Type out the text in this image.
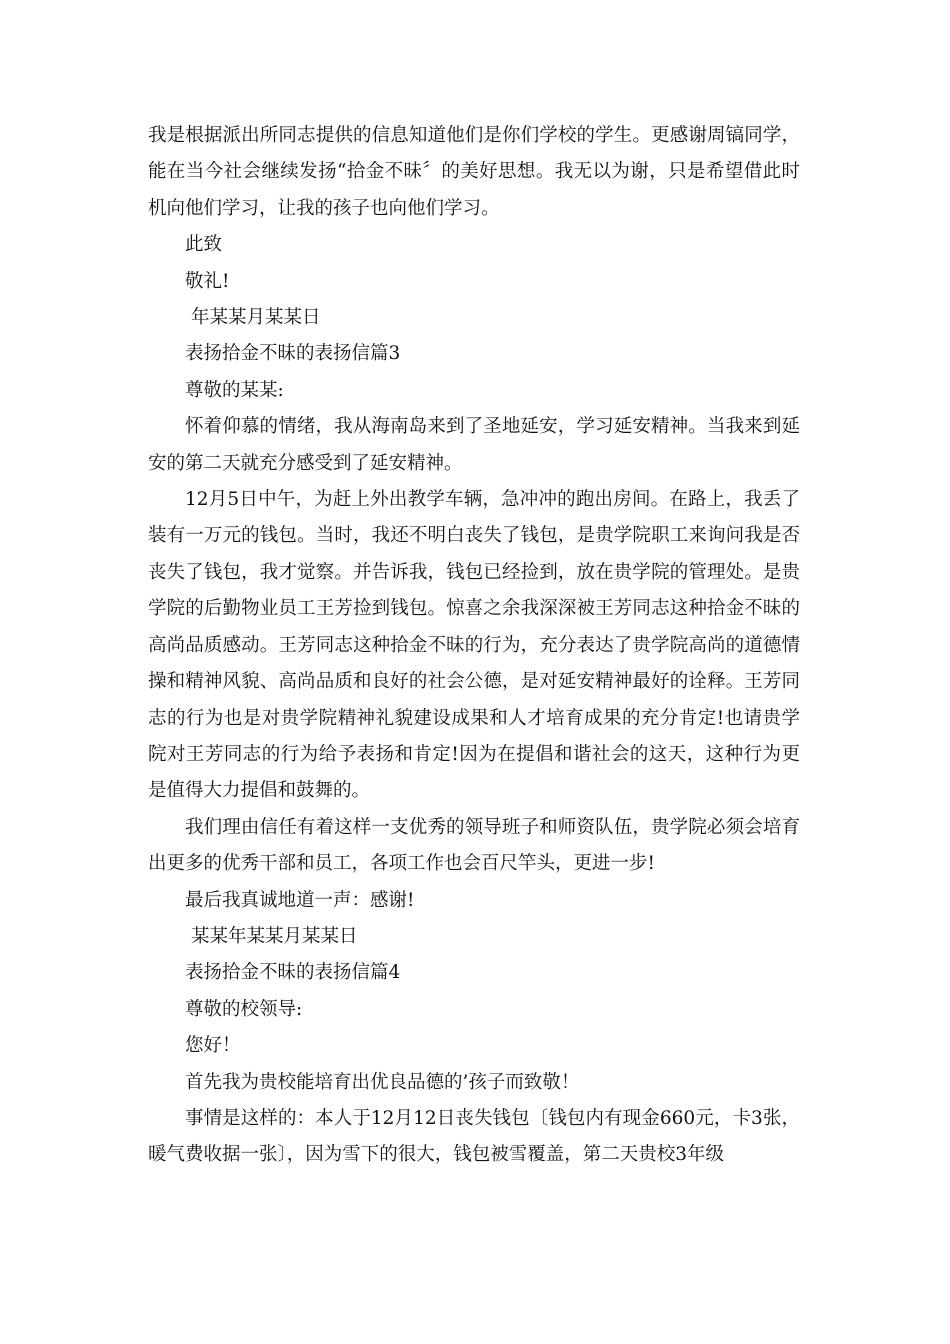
我是根据派出所同志提供的信息知道他们是你们学校的学生。更感谢周镐同学，能在当今社会继续发扬“拾金不昧〞的美好思想。我无以为谢，只是希望借此时机向他们学习，让我的孩子也向他们学习。

此致

敬礼!

年某某月某某日

表扬拾金不昧的表扬信篇3

尊敬的某某:

怀着仰慕的情绪，我从海南岛来到了圣地延安，学习延安精神。当我来到延安的第二天就充分感受到了延安精神。

12月5日中午，为赶上外出教学车辆，急冲冲的跑出房间。在路上，我丢了装有一万元的钱包。当时，我还不明白丧失了钱包，是贵学院职工来询问我是否丧失了钱包，我才觉察。并告诉我，钱包已经捡到，放在贵学院的管理处。是贵学院的后勤物业员工王芳捡到钱包。惊喜之余我深深被王芳同志这种拾金不昧的高尚品质感动。王芳同志这种拾金不昧的行为，充分表达了贵学院高尚的道德情操和精神风貌、高尚品质和良好的社会公德，是对延安精神最好的诠释。王芳同志的行为也是对贵学院精神礼貌建设成果和人才培育成果的充分肯定!也请贵学院对王芳同志的行为给予表扬和肯定!因为在提倡和谐社会的这天，这种行为更是值得大力提倡和鼓舞的。

我们理由信任有着这样一支优秀的领导班子和师资队伍，贵学院必须会培育出更多的优秀干部和员工，各项工作也会百尺竿头，更进一步!

最后我真诚地道一声：感谢!

某某年某某月某某日

表扬拾金不昧的表扬信篇4

尊敬的校领导:

您好！

首先我为贵校能培育出优良品德的’孩子而致敬！

事情是这样的：本人于12月12日丧失钱包〔钱包内有现金660元，卡3张，暖气费收据一张〕，因为雪下的很大，钱包被雪覆盖，第二天贵校3年级
